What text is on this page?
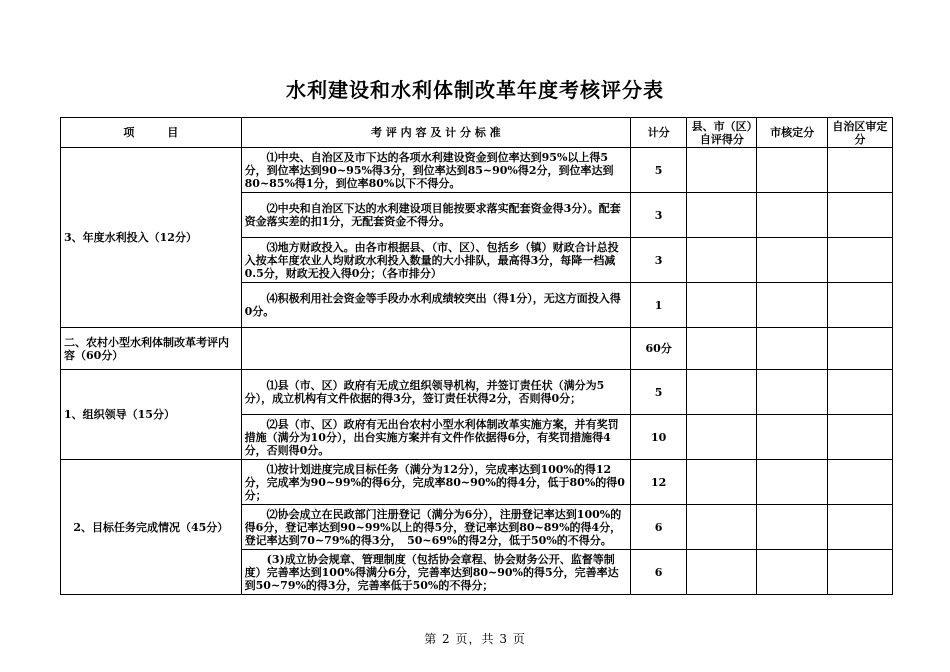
水利建设和水利体制改革年度考核评分表
项　　　目	考 评 内 容 及 计 分 标 准	计分	县、市（区）自评得分	市核定分	自治区审定分
3、年度水利投入（12分）	⑴中央、自治区及市下达的各项水利建设资金到位率达到95%以上得5分，到位率达到90~95%得3分，到位率达到85~90%得2分，到位率达到80~85%得1分，到位率80%以下不得分。	5			
	⑵中央和自治区下达的水利建设项目能按要求落实配套资金得3分）。配套资金落实差的扣1分，无配套资金不得分。	3			
	⑶地方财政投入。由各市根据县、（市、区）、包括乡（镇）财政合计总投入按本年度农业人均财政水利投入数量的大小排队，最高得3分，每降一档减0.5分，财政无投入得0分；（各市排分）	3			
	⑷积极利用社会资金等手段办水利成绩较突出（得1分），无这方面投入得0分。	1			
二、农村小型水利体制改革考评内容（60分）		60分			
1、组织领导（15分）	⑴县（市、区）政府有无成立组织领导机构，并签订责任状（满分为5分），成立机构有文件依据的得3分，签订责任状得2分，否则得0分；	5			
	⑵县（市、区）政府有无出台农村小型水利体制改革实施方案，并有奖罚措施（满分为10分），出台实施方案并有文件作依据得6分，有奖罚措施得4分，否则得0分。	10			
2、目标任务完成情况（45分）	⑴按计划进度完成目标任务（满分为12分），完成率达到100%的得12分，完成率为90~99%的得6分，完成率80~90%的得4分，低于80%的得0分；	12			

	⑵协会成立在民政部门注册登记（满分为6分），注册登记率达到100%的得6分，登记率达到90~99%以上的得5分，登记率达到80~89%的得4分，登记率达到70~79%的得3分，　50~69%的得2分，低于50%的不得分。	6			
	(3)成立协会规章、管理制度（包括协会章程、协会财务公开、监督等制度）完善率达到100%得满分6分，完善率达到80~90%的得5分，完善率达到50~79%的得3分，完善率低于50%的不得分；	6			
第 2 页，共 3 页
